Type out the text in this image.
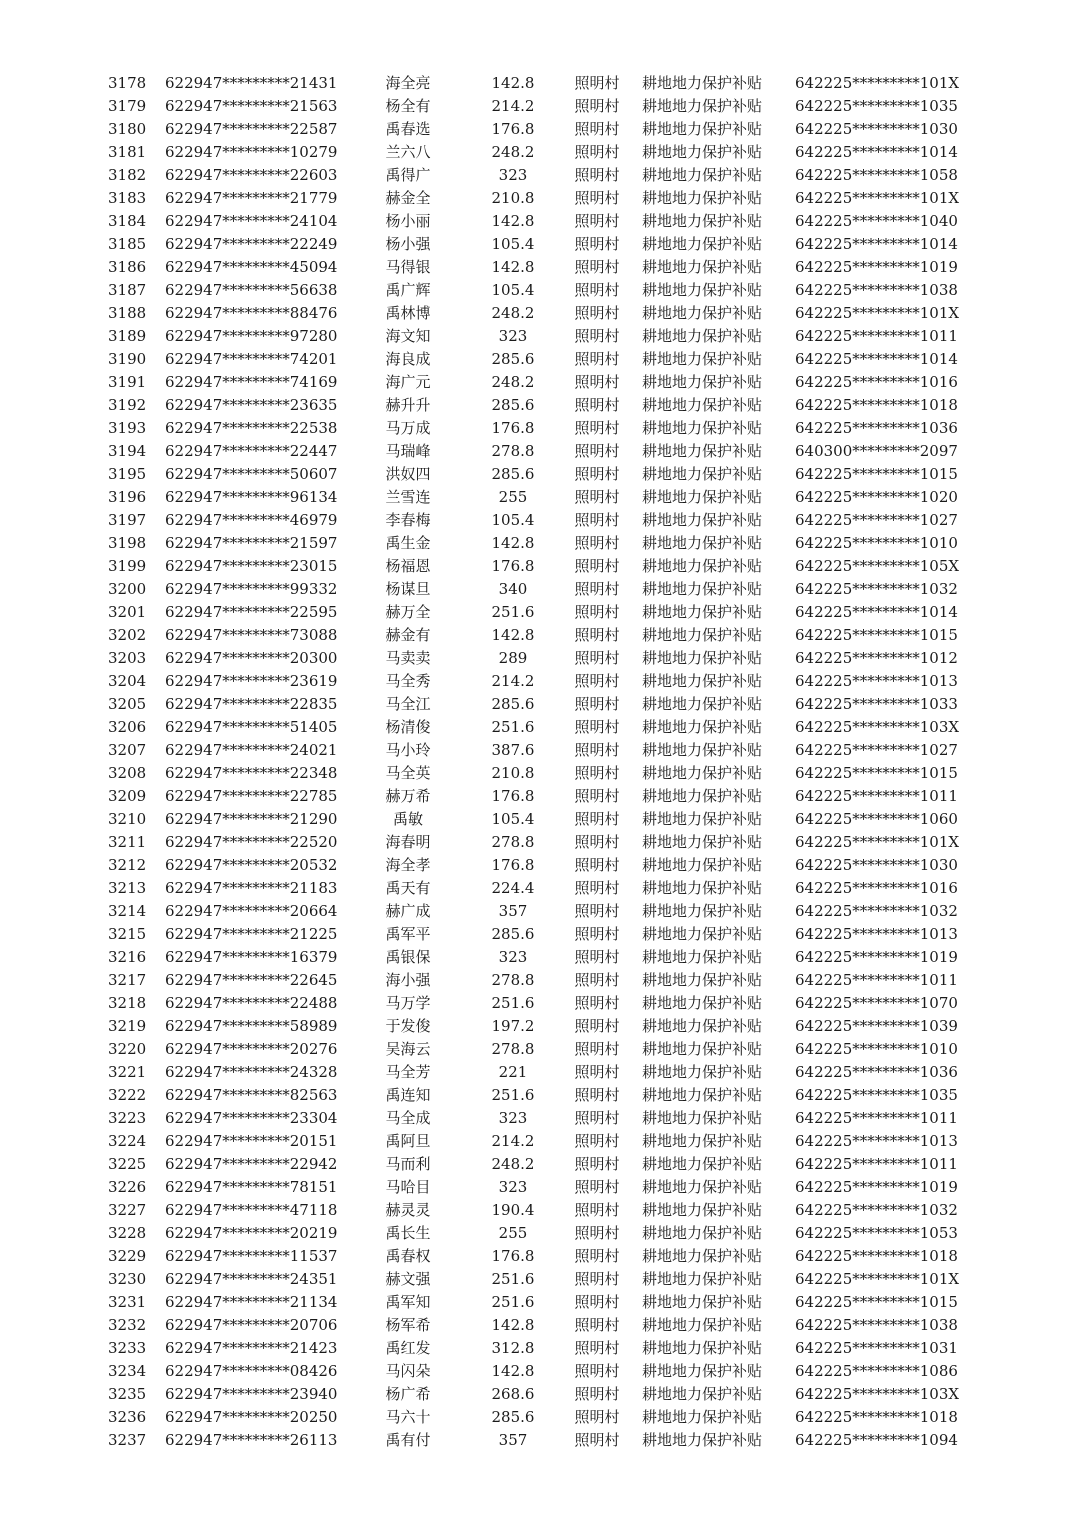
3178	622947*********21431	海全亮	142.8	照明村	耕地地力保护补贴	642225*********101X
3179	622947*********21563	杨全有	214.2	照明村	耕地地力保护补贴	642225*********1035
3180	622947*********22587	禹春选	176.8	照明村	耕地地力保护补贴	642225*********1030
3181	622947*********10279	兰六八	248.2	照明村	耕地地力保护补贴	642225*********1014
3182	622947*********22603	禹得广	323	照明村	耕地地力保护补贴	642225*********1058
3183	622947*********21779	赫金全	210.8	照明村	耕地地力保护补贴	642225*********101X
3184	622947*********24104	杨小丽	142.8	照明村	耕地地力保护补贴	642225*********1040
3185	622947*********22249	杨小强	105.4	照明村	耕地地力保护补贴	642225*********1014
3186	622947*********45094	马得银	142.8	照明村	耕地地力保护补贴	642225*********1019
3187	622947*********56638	禹广辉	105.4	照明村	耕地地力保护补贴	642225*********1038
3188	622947*********88476	禹林博	248.2	照明村	耕地地力保护补贴	642225*********101X
3189	622947*********97280	海文知	323	照明村	耕地地力保护补贴	642225*********1011
3190	622947*********74201	海良成	285.6	照明村	耕地地力保护补贴	642225*********1014
3191	622947*********74169	海广元	248.2	照明村	耕地地力保护补贴	642225*********1016
3192	622947*********23635	赫升升	285.6	照明村	耕地地力保护补贴	642225*********1018
3193	622947*********22538	马万成	176.8	照明村	耕地地力保护补贴	642225*********1036
3194	622947*********22447	马瑞峰	278.8	照明村	耕地地力保护补贴	640300*********2097
3195	622947*********50607	洪奴四	285.6	照明村	耕地地力保护补贴	642225*********1015
3196	622947*********96134	兰雪连	255	照明村	耕地地力保护补贴	642225*********1020
3197	622947*********46979	李春梅	105.4	照明村	耕地地力保护补贴	642225*********1027
3198	622947*********21597	禹生金	142.8	照明村	耕地地力保护补贴	642225*********1010
3199	622947*********23015	杨福恩	176.8	照明村	耕地地力保护补贴	642225*********105X
3200	622947*********99332	杨谋旦	340	照明村	耕地地力保护补贴	642225*********1032
3201	622947*********22595	赫万全	251.6	照明村	耕地地力保护补贴	642225*********1014
3202	622947*********73088	赫金有	142.8	照明村	耕地地力保护补贴	642225*********1015
3203	622947*********20300	马卖卖	289	照明村	耕地地力保护补贴	642225*********1012
3204	622947*********23619	马全秀	214.2	照明村	耕地地力保护补贴	642225*********1013
3205	622947*********22835	马全江	285.6	照明村	耕地地力保护补贴	642225*********1033
3206	622947*********51405	杨清俊	251.6	照明村	耕地地力保护补贴	642225*********103X
3207	622947*********24021	马小玲	387.6	照明村	耕地地力保护补贴	642225*********1027
3208	622947*********22348	马全英	210.8	照明村	耕地地力保护补贴	642225*********1015
3209	622947*********22785	赫万希	176.8	照明村	耕地地力保护补贴	642225*********1011
3210	622947*********21290	禹敏	105.4	照明村	耕地地力保护补贴	642225*********1060
3211	622947*********22520	海春明	278.8	照明村	耕地地力保护补贴	642225*********101X
3212	622947*********20532	海全孝	176.8	照明村	耕地地力保护补贴	642225*********1030
3213	622947*********21183	禹天有	224.4	照明村	耕地地力保护补贴	642225*********1016
3214	622947*********20664	赫广成	357	照明村	耕地地力保护补贴	642225*********1032
3215	622947*********21225	禹军平	285.6	照明村	耕地地力保护补贴	642225*********1013
3216	622947*********16379	禹银保	323	照明村	耕地地力保护补贴	642225*********1019
3217	622947*********22645	海小强	278.8	照明村	耕地地力保护补贴	642225*********1011
3218	622947*********22488	马万学	251.6	照明村	耕地地力保护补贴	642225*********1070
3219	622947*********58989	于发俊	197.2	照明村	耕地地力保护补贴	642225*********1039
3220	622947*********20276	吴海云	278.8	照明村	耕地地力保护补贴	642225*********1010
3221	622947*********24328	马全芳	221	照明村	耕地地力保护补贴	642225*********1036
3222	622947*********82563	禹连知	251.6	照明村	耕地地力保护补贴	642225*********1035
3223	622947*********23304	马全成	323	照明村	耕地地力保护补贴	642225*********1011
3224	622947*********20151	禹阿旦	214.2	照明村	耕地地力保护补贴	642225*********1013
3225	622947*********22942	马而利	248.2	照明村	耕地地力保护补贴	642225*********1011
3226	622947*********78151	马哈目	323	照明村	耕地地力保护补贴	642225*********1019
3227	622947*********47118	赫灵灵	190.4	照明村	耕地地力保护补贴	642225*********1032
3228	622947*********20219	禹长生	255	照明村	耕地地力保护补贴	642225*********1053
3229	622947*********11537	禹春权	176.8	照明村	耕地地力保护补贴	642225*********1018
3230	622947*********24351	赫文强	251.6	照明村	耕地地力保护补贴	642225*********101X
3231	622947*********21134	禹军知	251.6	照明村	耕地地力保护补贴	642225*********1015
3232	622947*********20706	杨军希	142.8	照明村	耕地地力保护补贴	642225*********1038
3233	622947*********21423	禹红发	312.8	照明村	耕地地力保护补贴	642225*********1031
3234	622947*********08426	马闪朵	142.8	照明村	耕地地力保护补贴	642225*********1086
3235	622947*********23940	杨广希	268.6	照明村	耕地地力保护补贴	642225*********103X
3236	622947*********20250	马六十	285.6	照明村	耕地地力保护补贴	642225*********1018
3237	622947*********26113	禹有付	357	照明村	耕地地力保护补贴	642225*********1094
